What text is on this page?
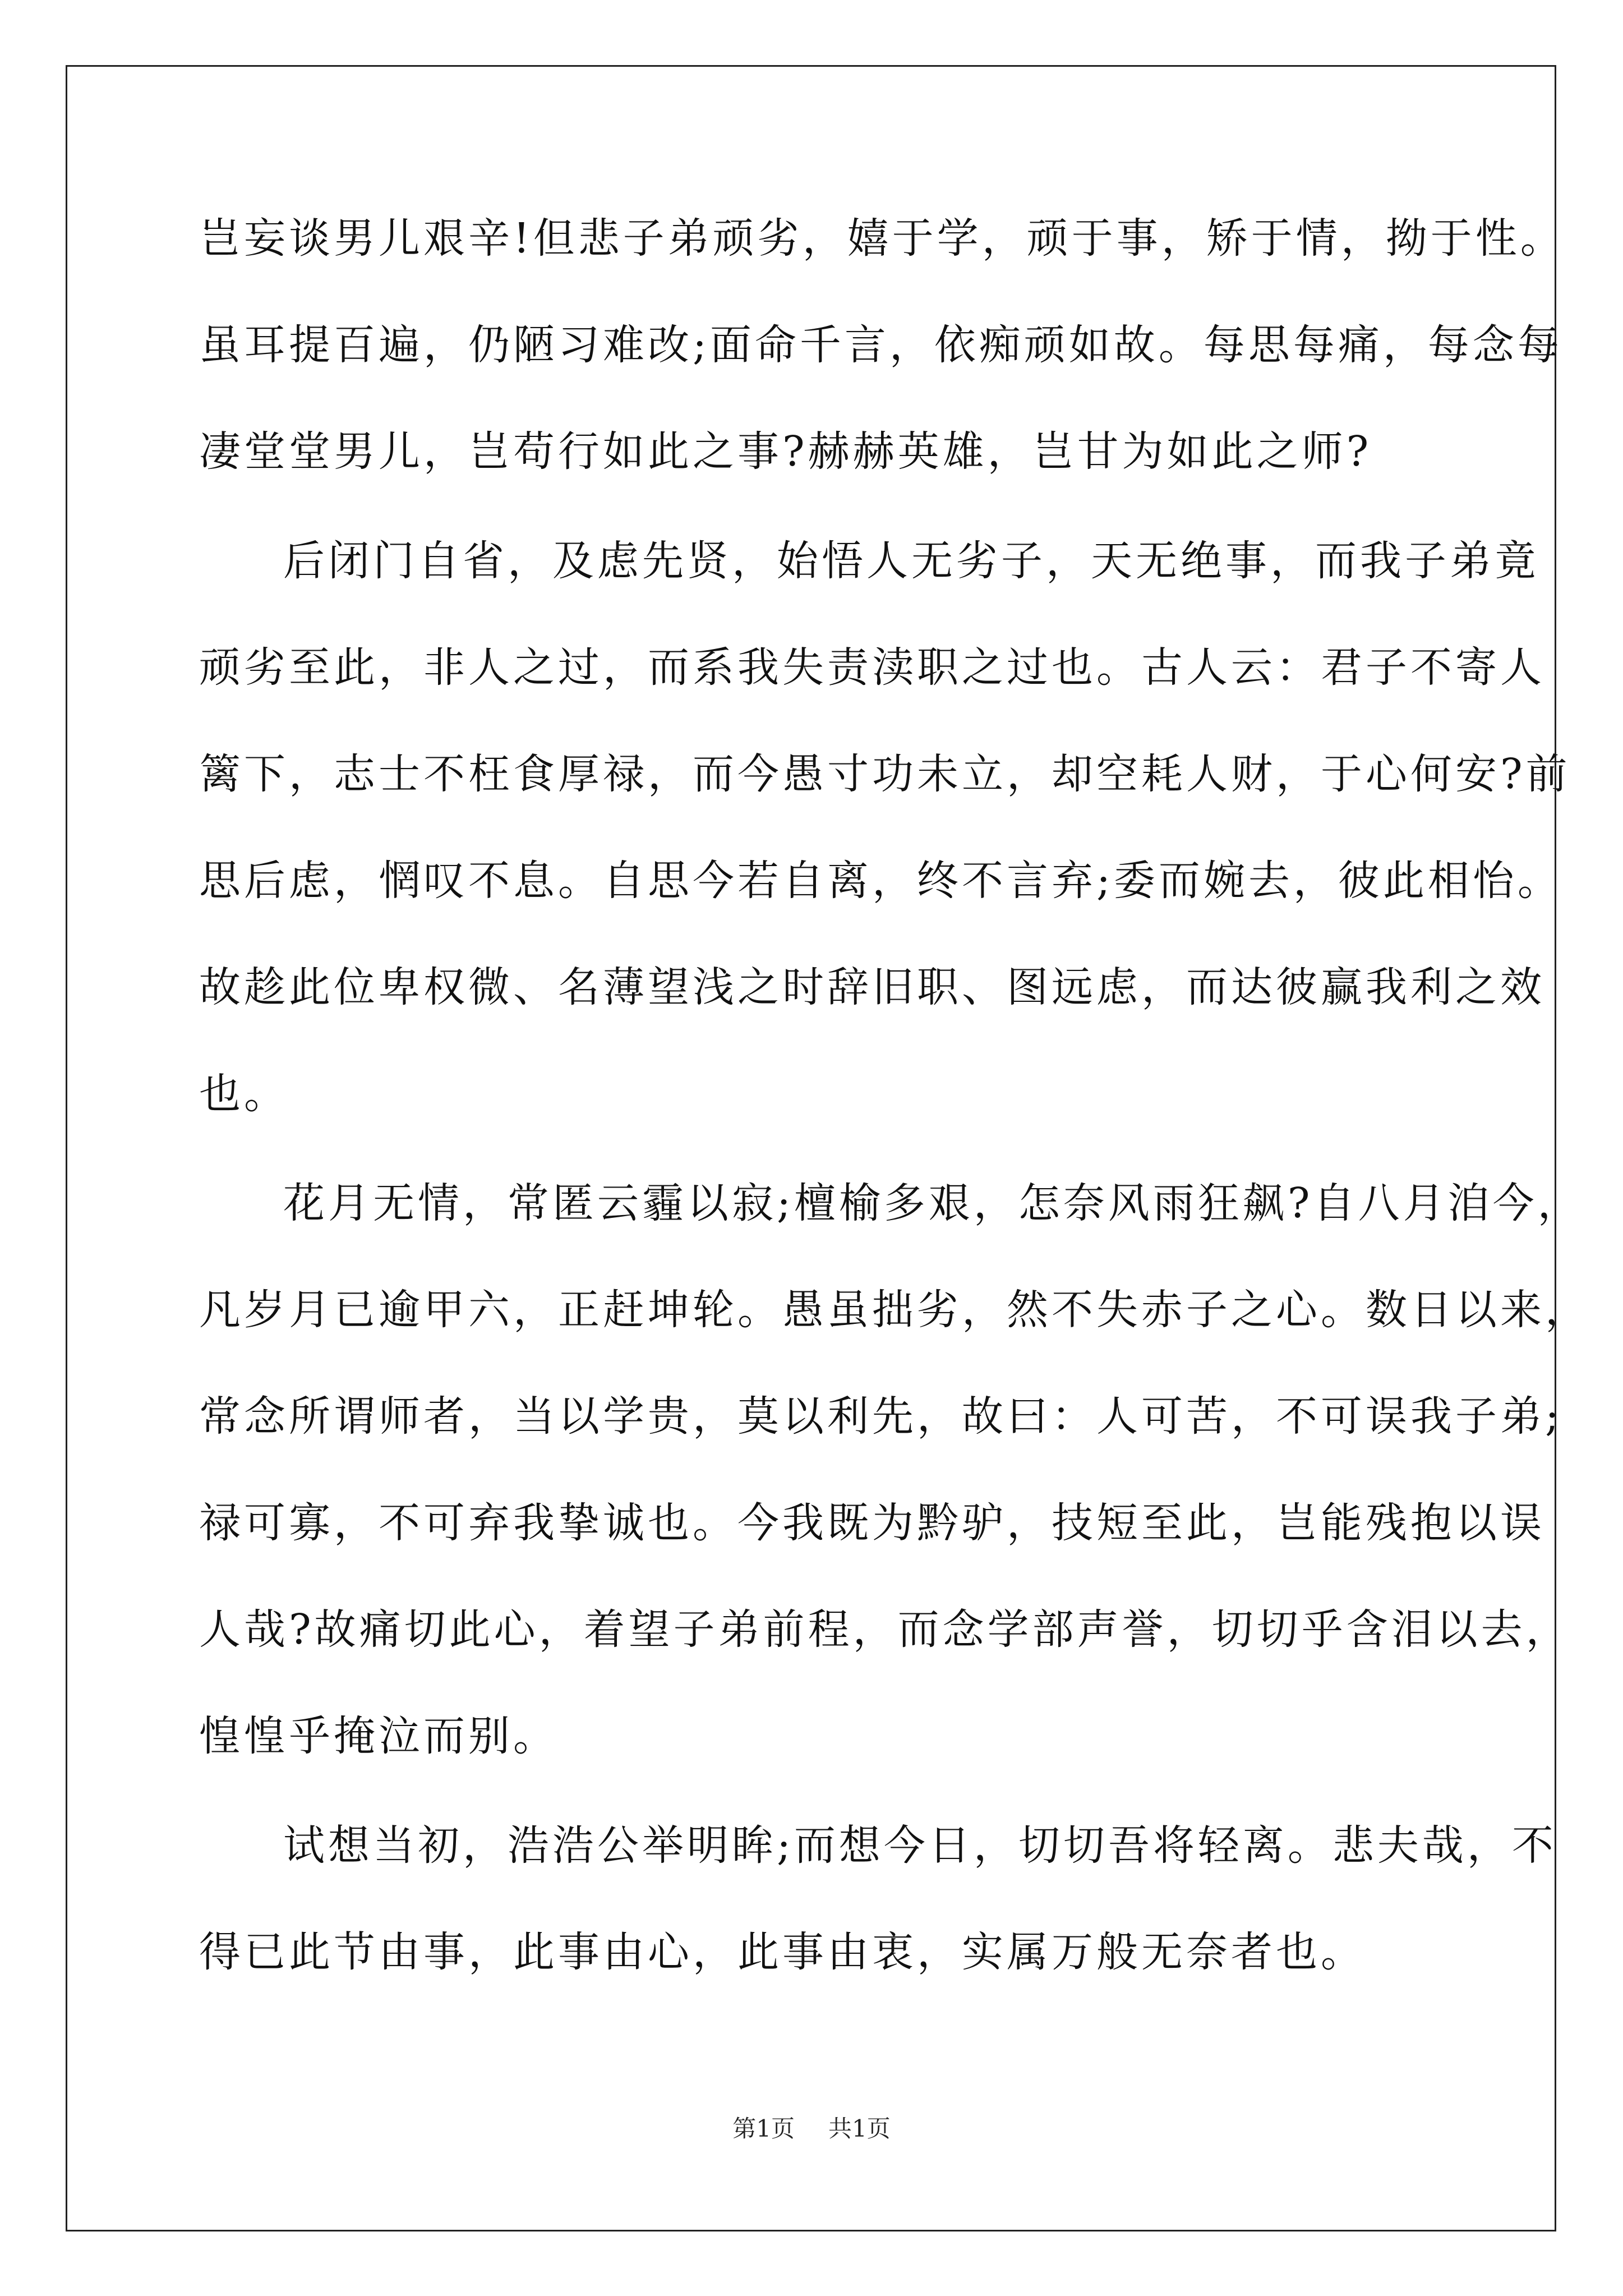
岂妄谈男儿艰辛!但悲子弟顽劣，嬉于学，顽于事，矫于情，拗于性。
虽耳提百遍，仍陋习难改;面命千言，依痴顽如故。每思每痛，每念每
凄堂堂男儿，岂苟行如此之事?赫赫英雄，岂甘为如此之师?
后闭门自省，及虑先贤，始悟人无劣子，天无绝事，而我子弟竟
顽劣至此，非人之过，而系我失责渎职之过也。古人云：君子不寄人
篱下，志士不枉食厚禄，而今愚寸功未立，却空耗人财，于心何安?前
思后虑，惘叹不息。自思今若自离，终不言弃;委而婉去，彼此相怡。
故趁此位卑权微、名薄望浅之时辞旧职、图远虑，而达彼赢我利之效
也。
花月无情，常匿云霾以寂;檀榆多艰，怎奈风雨狂飙?自八月洎今，
凡岁月已逾甲六，正赶坤轮。愚虽拙劣，然不失赤子之心。数日以来，
常念所谓师者，当以学贵，莫以利先，故曰：人可苦，不可误我子弟;
禄可寡，不可弃我挚诚也。今我既为黔驴，技短至此，岂能残抱以误
人哉?故痛切此心，着望子弟前程，而念学部声誉，切切乎含泪以去，
惶惶乎掩泣而别。
试想当初，浩浩公举明眸;而想今日，切切吾将轻离。悲夫哉，不
得已此节由事，此事由心，此事由衷，实属万般无奈者也。
第1页 共1页
